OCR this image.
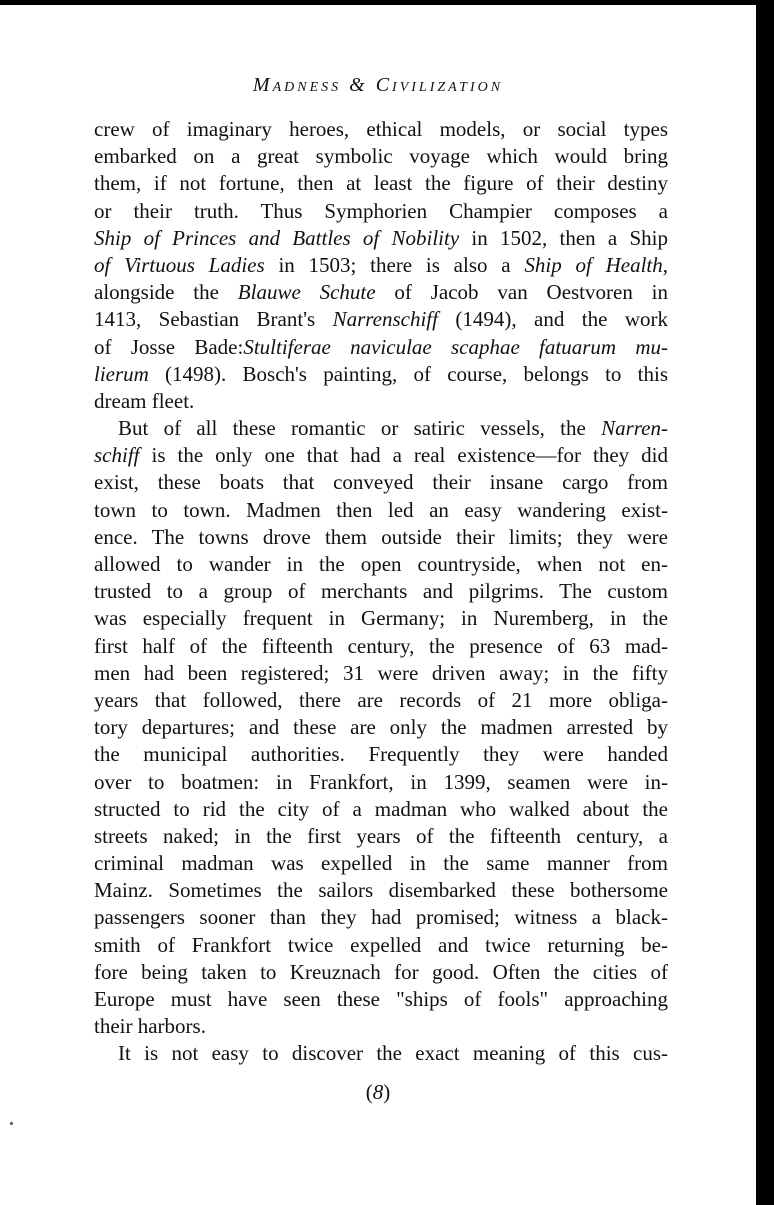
Madness & Civilization
crew of imaginary heroes, ethical models, or social types
embarked on a great symbolic voyage which would bring
them, if not fortune, then at least the figure of their destiny
or their truth. Thus Symphorien Champier composes a
Ship of Princes and Battles of Nobility in 1502, then a Ship
of Virtuous Ladies in 1503; there is also a Ship of Health,
alongside the Blauwe Schute of Jacob van Oestvoren in
1413, Sebastian Brant's Narrenschiff (1494), and the work
of Josse Bade:Stultiferae naviculae scaphae fatuarum mu-
lierum (1498). Bosch's painting, of course, belongs to this
dream fleet.
But of all these romantic or satiric vessels, the Narren-
schiff is the only one that had a real existence—for they did
exist, these boats that conveyed their insane cargo from
town to town. Madmen then led an easy wandering exist-
ence. The towns drove them outside their limits; they were
allowed to wander in the open countryside, when not en-
trusted to a group of merchants and pilgrims. The custom
was especially frequent in Germany; in Nuremberg, in the
first half of the fifteenth century, the presence of 63 mad-
men had been registered; 31 were driven away; in the fifty
years that followed, there are records of 21 more obliga-
tory departures; and these are only the madmen arrested by
the municipal authorities. Frequently they were handed
over to boatmen: in Frankfort, in 1399, seamen were in-
structed to rid the city of a madman who walked about the
streets naked; in the first years of the fifteenth century, a
criminal madman was expelled in the same manner from
Mainz. Sometimes the sailors disembarked these bothersome
passengers sooner than they had promised; witness a black-
smith of Frankfort twice expelled and twice returning be-
fore being taken to Kreuznach for good. Often the cities of
Europe must have seen these "ships of fools" approaching
their harbors.
It is not easy to discover the exact meaning of this cus-
(8)
